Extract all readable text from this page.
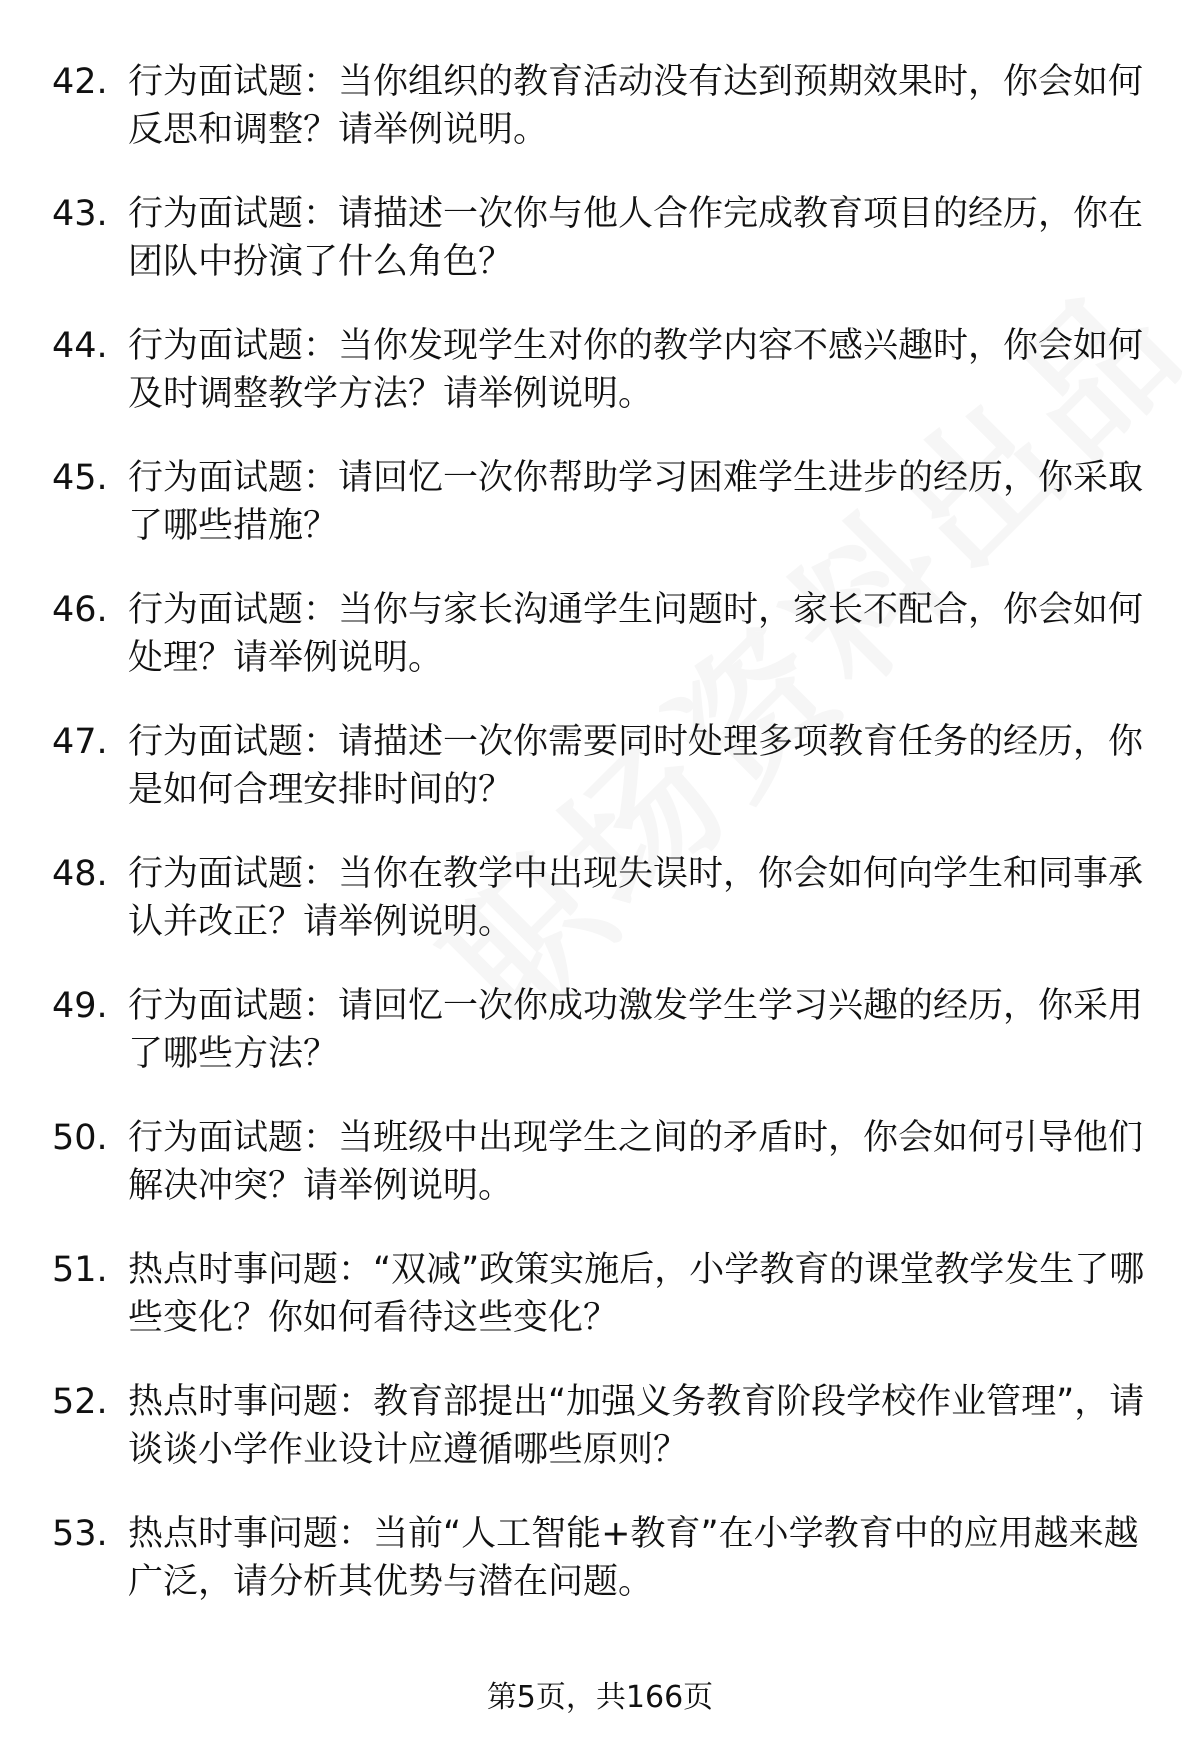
42. 行为面试题：当你组织的教育活动没有达到预期效果时，你会如何反思和调整？请举例说明。
43. 行为面试题：请描述一次你与他人合作完成教育项目的经历，你在团队中扮演了什么角色？
44. 行为面试题：当你发现学生对你的教学内容不感兴趣时，你会如何及时调整教学方法？请举例说明。
45. 行为面试题：请回忆一次你帮助学习困难学生进步的经历，你采取了哪些措施？
46. 行为面试题：当你与家长沟通学生问题时，家长不配合，你会如何处理？请举例说明。
47. 行为面试题：请描述一次你需要同时处理多项教育任务的经历，你是如何合理安排时间的？
48. 行为面试题：当你在教学中出现失误时，你会如何向学生和同事承认并改正？请举例说明。
49. 行为面试题：请回忆一次你成功激发学生学习兴趣的经历，你采用了哪些方法？
50. 行为面试题：当班级中出现学生之间的矛盾时，你会如何引导他们解决冲突？请举例说明。
51. 热点时事问题：“双减”政策实施后，小学教育的课堂教学发生了哪些变化？你如何看待这些变化？
52. 热点时事问题：教育部提出“加强义务教育阶段学校作业管理”，请谈谈小学作业设计应遵循哪些原则？
53. 热点时事问题：当前“人工智能+教育”在小学教育中的应用越来越广泛，请分析其优势与潜在问题。
第5页，共166页
